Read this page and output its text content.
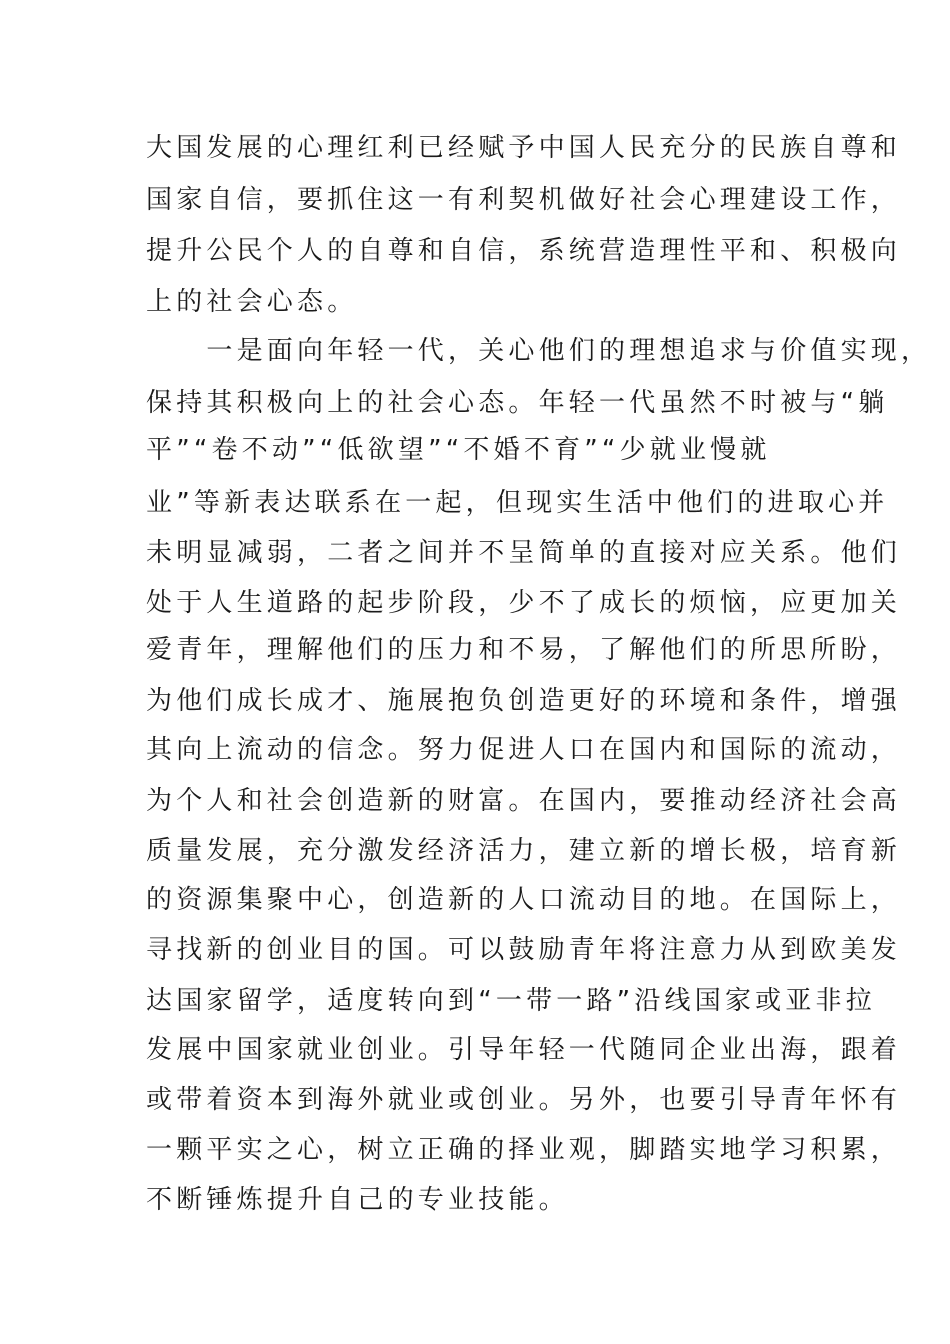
大国发展的心理红利已经赋予中国人民充分的民族自尊和
国家自信，要抓住这一有利契机做好社会心理建设工作，
提升公民个人的自尊和自信，系统营造理性平和、积极向
上的社会心态。
　　一是面向年轻一代，关心他们的理想追求与价值实现，
保持其积极向上的社会心态。年轻一代虽然不时被与“躺
平”“卷不动”“低欲望”“不婚不育”“少就业慢就
业”等新表达联系在一起，但现实生活中他们的进取心并
未明显减弱，二者之间并不呈简单的直接对应关系。他们
处于人生道路的起步阶段，少不了成长的烦恼，应更加关
爱青年，理解他们的压力和不易，了解他们的所思所盼，
为他们成长成才、施展抱负创造更好的环境和条件，增强
其向上流动的信念。努力促进人口在国内和国际的流动，
为个人和社会创造新的财富。在国内，要推动经济社会高
质量发展，充分激发经济活力，建立新的增长极，培育新
的资源集聚中心，创造新的人口流动目的地。在国际上，
寻找新的创业目的国。可以鼓励青年将注意力从到欧美发
达国家留学，适度转向到“一带一路”沿线国家或亚非拉
发展中国家就业创业。引导年轻一代随同企业出海，跟着
或带着资本到海外就业或创业。另外，也要引导青年怀有
一颗平实之心，树立正确的择业观，脚踏实地学习积累，
不断锤炼提升自己的专业技能。
